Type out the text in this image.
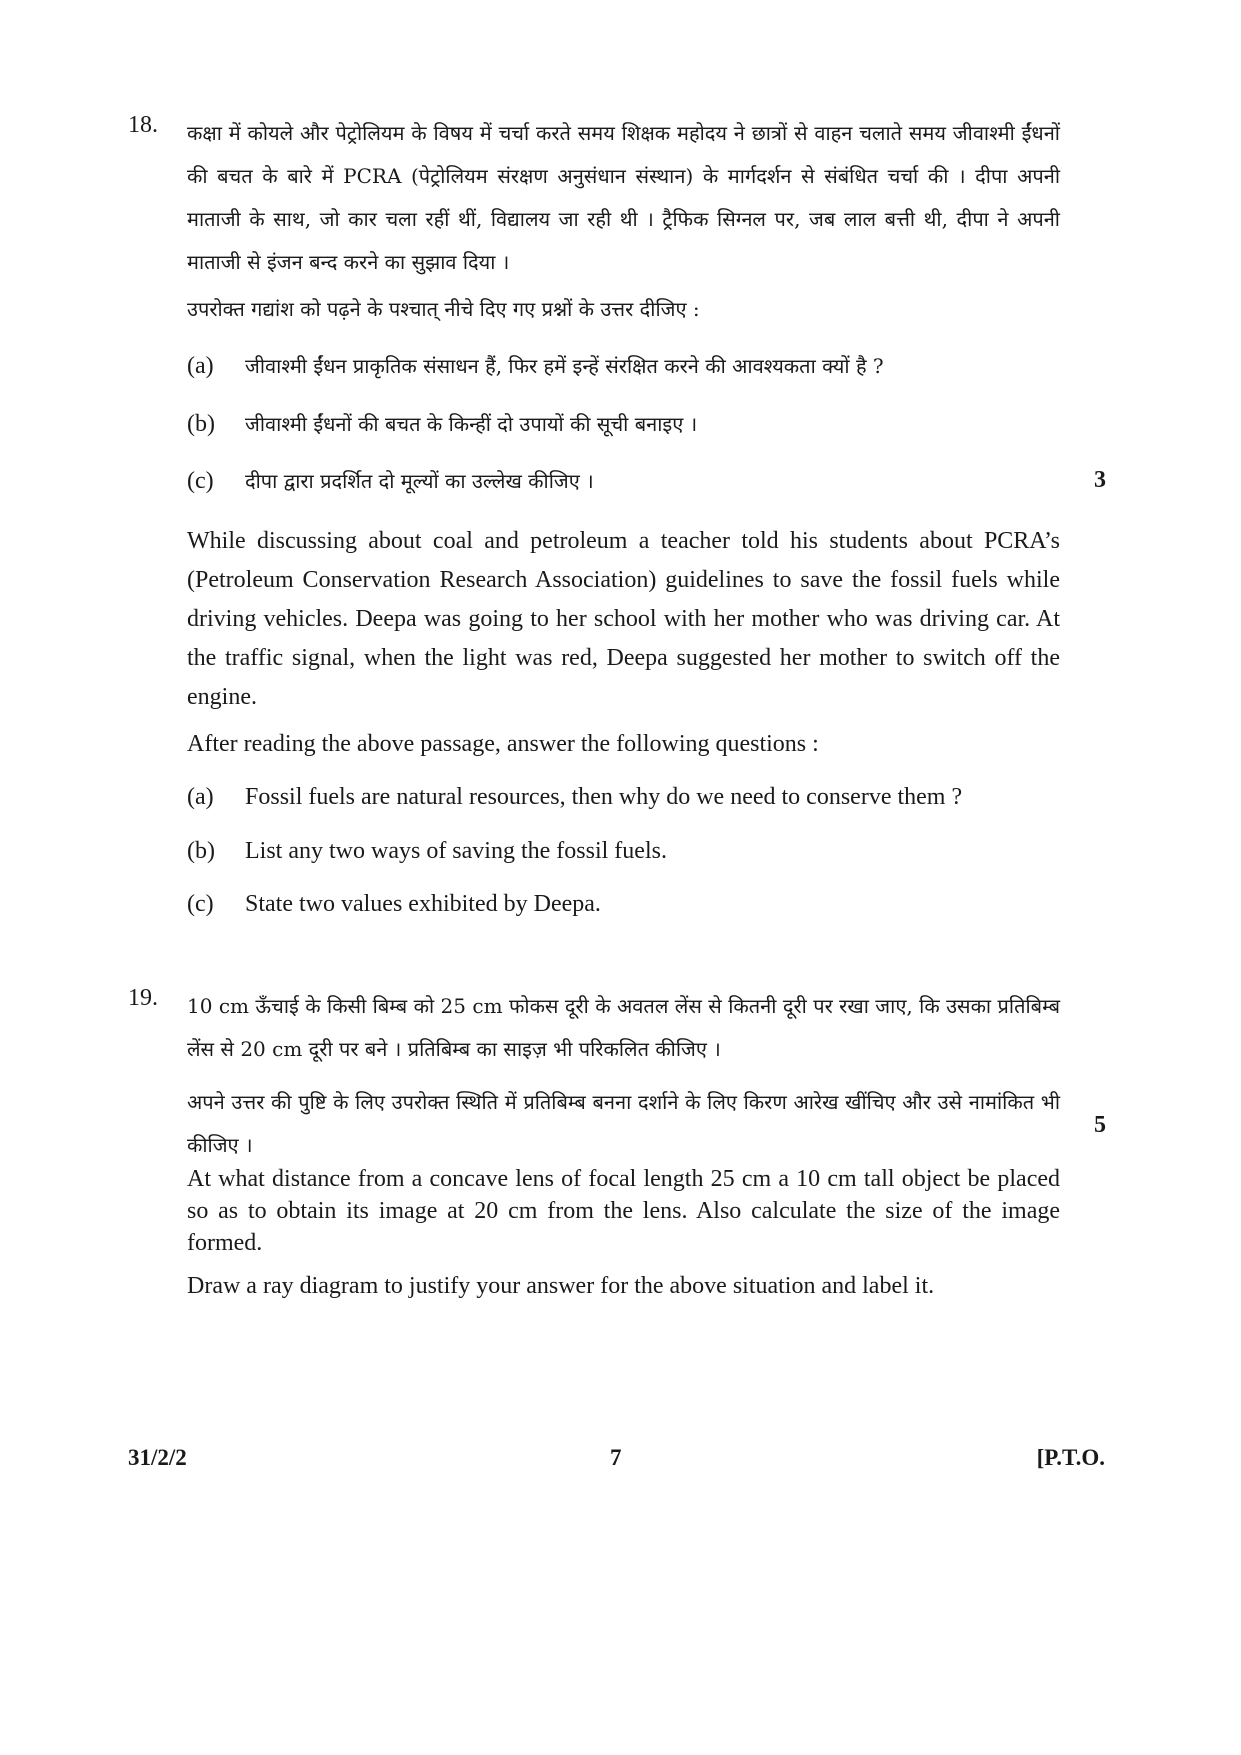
18. कक्षा में कोयले और पेट्रोलियम के विषय में चर्चा करते समय शिक्षक महोदय ने छात्रों से वाहन चलाते समय जीवाश्मी ईंधनों की बचत के बारे में PCRA (पेट्रोलियम संरक्षण अनुसंधान संस्थान) के मार्गदर्शन से संबंधित चर्चा की । दीपा अपनी माताजी के साथ, जो कार चला रहीं थीं, विद्यालय जा रही थी । ट्रैफिक सिग्नल पर, जब लाल बत्ती थी, दीपा ने अपनी माताजी से इंजन बन्द करने का सुझाव दिया ।

उपरोक्त गद्यांश को पढ़ने के पश्चात् नीचे दिए गए प्रश्नों के उत्तर दीजिए :
(a) जीवाश्मी ईंधन प्राकृतिक संसाधन हैं, फिर हमें इन्हें संरक्षित करने की आवश्यकता क्यों है ?
(b) जीवाश्मी ईंधनों की बचत के किन्हीं दो उपायों की सूची बनाइए ।
(c) दीपा द्वारा प्रदर्शित दो मूल्यों का उल्लेख कीजिए ।	3

While discussing about coal and petroleum a teacher told his students about PCRA’s (Petroleum Conservation Research Association) guidelines to save the fossil fuels while driving vehicles. Deepa was going to her school with her mother who was driving car. At the traffic signal, when the light was red, Deepa suggested her mother to switch off the engine.

After reading the above passage, answer the following questions :
(a) Fossil fuels are natural resources, then why do we need to conserve them ?
(b) List any two ways of saving the fossil fuels.
(c) State two values exhibited by Deepa.
19. 10 cm ऊँचाई के किसी बिम्ब को 25 cm फोकस दूरी के अवतल लेंस से कितनी दूरी पर रखा जाए, कि उसका प्रतिबिम्ब लेंस से 20 cm दूरी पर बने । प्रतिबिम्ब का साइज़ भी परिकलित कीजिए ।

अपने उत्तर की पुष्टि के लिए उपरोक्त स्थिति में प्रतिबिम्ब बनना दर्शाने के लिए किरण आरेख खींचिए और उसे नामांकित भी कीजिए ।

5

At what distance from a concave lens of focal length 25 cm a 10 cm tall object be placed so as to obtain its image at 20 cm from the lens. Also calculate the size of the image formed.

Draw a ray diagram to justify your answer for the above situation and label it.
31/2/2	7	[P.T.O.
